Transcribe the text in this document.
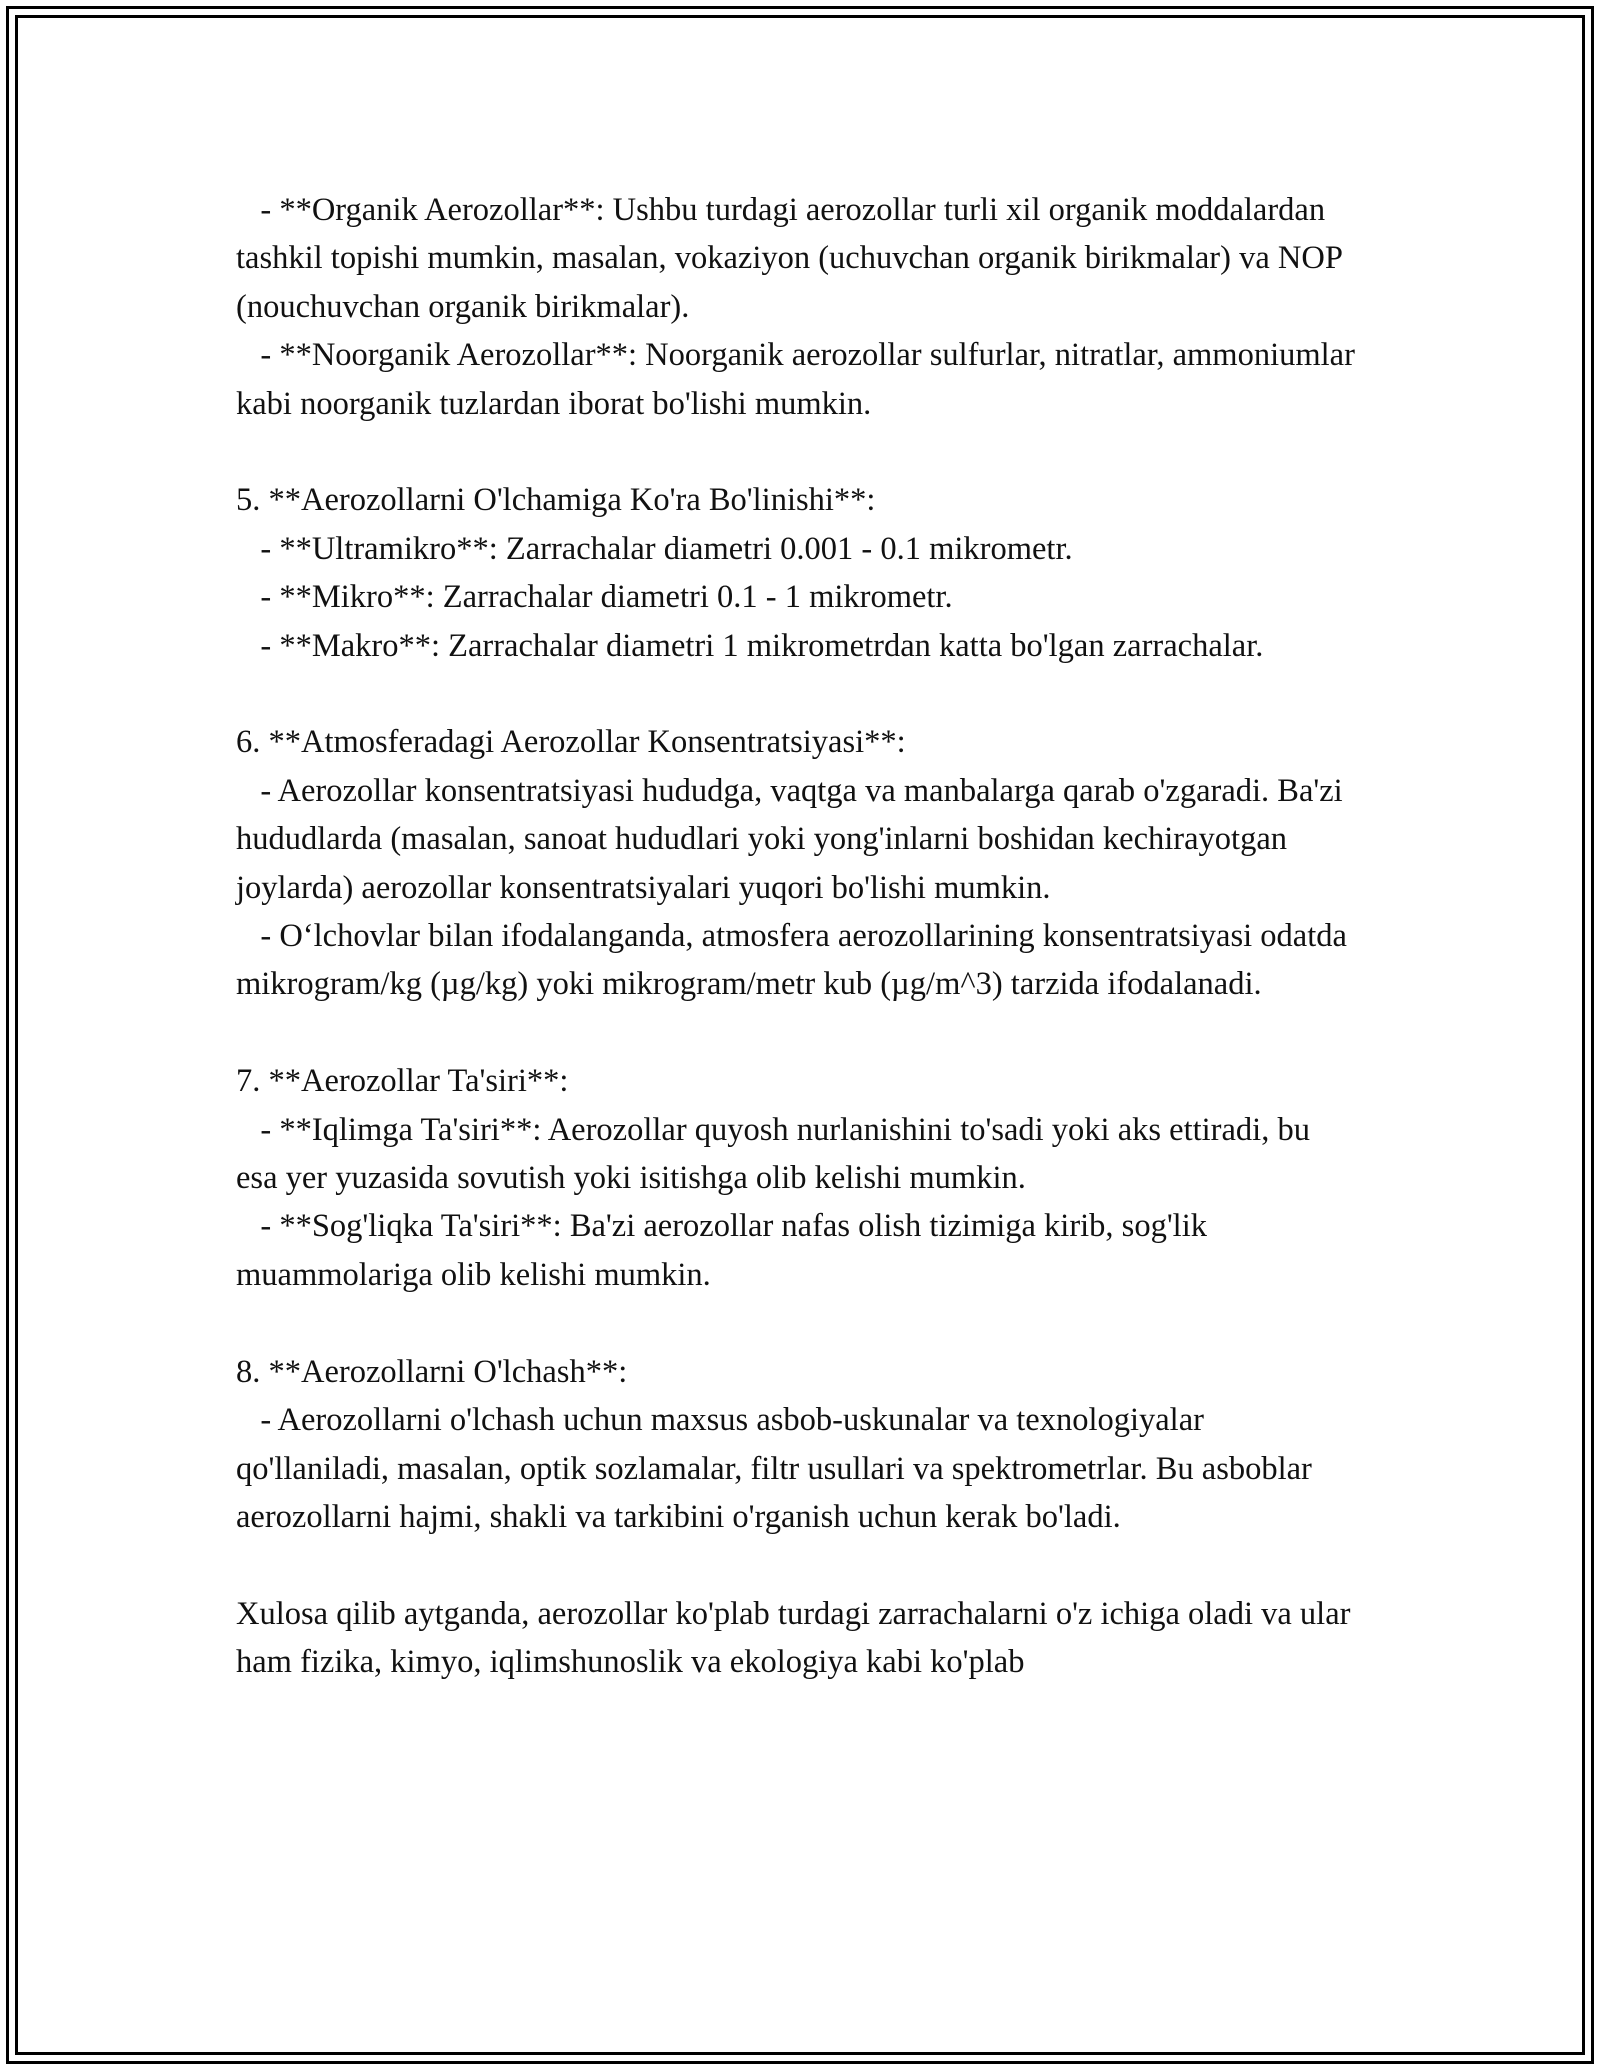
- **Organik Aerozollar**: Ushbu turdagi aerozollar turli xil organik moddalardan tashkil topishi mumkin, masalan, vokaziyon (uchuvchan organik birikmalar) va NOP (nouchuvchan organik birikmalar).

- **Noorganik Aerozollar**: Noorganik aerozollar sulfurlar, nitratlar, ammoniumlar kabi noorganik tuzlardan iborat bo'lishi mumkin.

5. **Aerozollarni O'lchamiga Ko'ra Bo'linishi**:

- **Ultramikro**: Zarrachalar diametri 0.001 - 0.1 mikrometr.

- **Mikro**: Zarrachalar diametri 0.1 - 1 mikrometr.

- **Makro**: Zarrachalar diametri 1 mikrometrdan katta bo'lgan zarrachalar.

6. **Atmosferadagi Aerozollar Konsentratsiyasi**:

- Aerozollar konsentratsiyasi hududga, vaqtga va manbalarga qarab o'zgaradi. Ba'zi hududlarda (masalan, sanoat hududlari yoki yong'inlarni boshidan kechirayotgan joylarda) aerozollar konsentratsiyalari yuqori bo'lishi mumkin.

- O‘lchovlar bilan ifodalanganda, atmosfera aerozollarining konsentratsiyasi odatda mikrogram/kg (µg/kg) yoki mikrogram/metr kub (µg/m^3) tarzida ifodalanadi.

7. **Aerozollar Ta'siri**:

- **Iqlimga Ta'siri**: Aerozollar quyosh nurlanishini to'sadi yoki aks ettiradi, bu esa yer yuzasida sovutish yoki isitishga olib kelishi mumkin.

- **Sog'liqka Ta'siri**: Ba'zi aerozollar nafas olish tizimiga kirib, sog'lik muammolariga olib kelishi mumkin.

8. **Aerozollarni O'lchash**:

- Aerozollarni o'lchash uchun maxsus asbob-uskunalar va texnologiyalar qo'llaniladi, masalan, optik sozlamalar, filtr usullari va spektrometrlar. Bu asboblar aerozollarni hajmi, shakli va tarkibini o'rganish uchun kerak bo'ladi.

Xulosa qilib aytganda, aerozollar ko'plab turdagi zarrachalarni o'z ichiga oladi va ular ham fizika, kimyo, iqlimshunoslik va ekologiya kabi ko'plab
